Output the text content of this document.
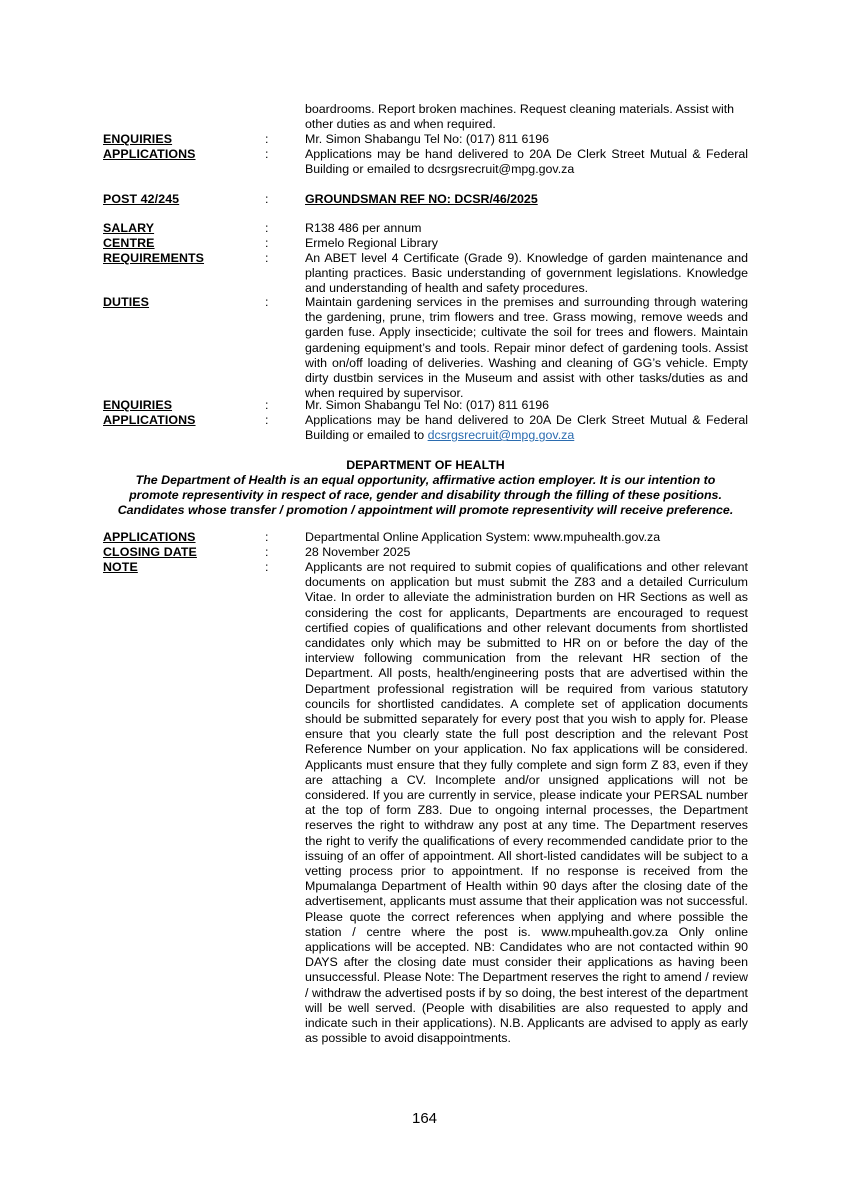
boardrooms. Report broken machines. Request cleaning materials. Assist with other duties as and when required.
ENQUIRIES	:	Mr. Simon Shabangu Tel No: (017) 811 6196
APPLICATIONS	:	Applications may be hand delivered to 20A De Clerk Street Mutual & Federal Building or emailed to dcsrgsrecruit@mpg.gov.za
POST 42/245	:	GROUNDSMAN REF NO: DCSR/46/2025
SALARY	:	R138 486 per annum
CENTRE	:	Ermelo Regional Library
REQUIREMENTS	:	An ABET level 4 Certificate (Grade 9). Knowledge of garden maintenance and planting practices. Basic understanding of government legislations. Knowledge and understanding of health and safety procedures.
DUTIES	:	Maintain gardening services in the premises and surrounding through watering the gardening, prune, trim flowers and tree. Grass mowing, remove weeds and garden fuse. Apply insecticide; cultivate the soil for trees and flowers. Maintain gardening equipment’s and tools. Repair minor defect of gardening tools. Assist with on/off loading of deliveries. Washing and cleaning of GG’s vehicle. Empty dirty dustbin services in the Museum and assist with other tasks/duties as and when required by supervisor.
ENQUIRIES	:	Mr. Simon Shabangu Tel No: (017) 811 6196
APPLICATIONS	:	Applications may be hand delivered to 20A De Clerk Street Mutual & Federal Building or emailed to dcsrgsrecruit@mpg.gov.za
DEPARTMENT OF HEALTH
The Department of Health is an equal opportunity, affirmative action employer. It is our intention to
promote representivity in respect of race, gender and disability through the filling of these positions.
Candidates whose transfer / promotion / appointment will promote representivity will receive preference.
APPLICATIONS	:	Departmental Online Application System: www.mpuhealth.gov.za
CLOSING DATE	:	28 November 2025
NOTE	:	Applicants are not required to submit copies of qualifications and other relevant documents on application but must submit the Z83 and a detailed Curriculum Vitae. In order to alleviate the administration burden on HR Sections as well as considering the cost for applicants, Departments are encouraged to request certified copies of qualifications and other relevant documents from shortlisted candidates only which may be submitted to HR on or before the day of the interview following communication from the relevant HR section of the Department. All posts, health/engineering posts that are advertised within the Department professional registration will be required from various statutory councils for shortlisted candidates. A complete set of application documents should be submitted separately for every post that you wish to apply for. Please ensure that you clearly state the full post description and the relevant Post Reference Number on your application. No fax applications will be considered. Applicants must ensure that they fully complete and sign form Z 83, even if they are attaching a CV. Incomplete and/or unsigned applications will not be considered. If you are currently in service, please indicate your PERSAL number at the top of form Z83. Due to ongoing internal processes, the Department reserves the right to withdraw any post at any time. The Department reserves the right to verify the qualifications of every recommended candidate prior to the issuing of an offer of appointment. All short-listed candidates will be subject to a vetting process prior to appointment. If no response is received from the Mpumalanga Department of Health within 90 days after the closing date of the advertisement, applicants must assume that their application was not successful. Please quote the correct references when applying and where possible the station / centre where the post is. www.mpuhealth.gov.za Only online applications will be accepted. NB: Candidates who are not contacted within 90 DAYS after the closing date must consider their applications as having been unsuccessful. Please Note: The Department reserves the right to amend / review / withdraw the advertised posts if by so doing, the best interest of the department will be well served. (People with disabilities are also requested to apply and indicate such in their applications). N.B. Applicants are advised to apply as early as possible to avoid disappointments.
164
